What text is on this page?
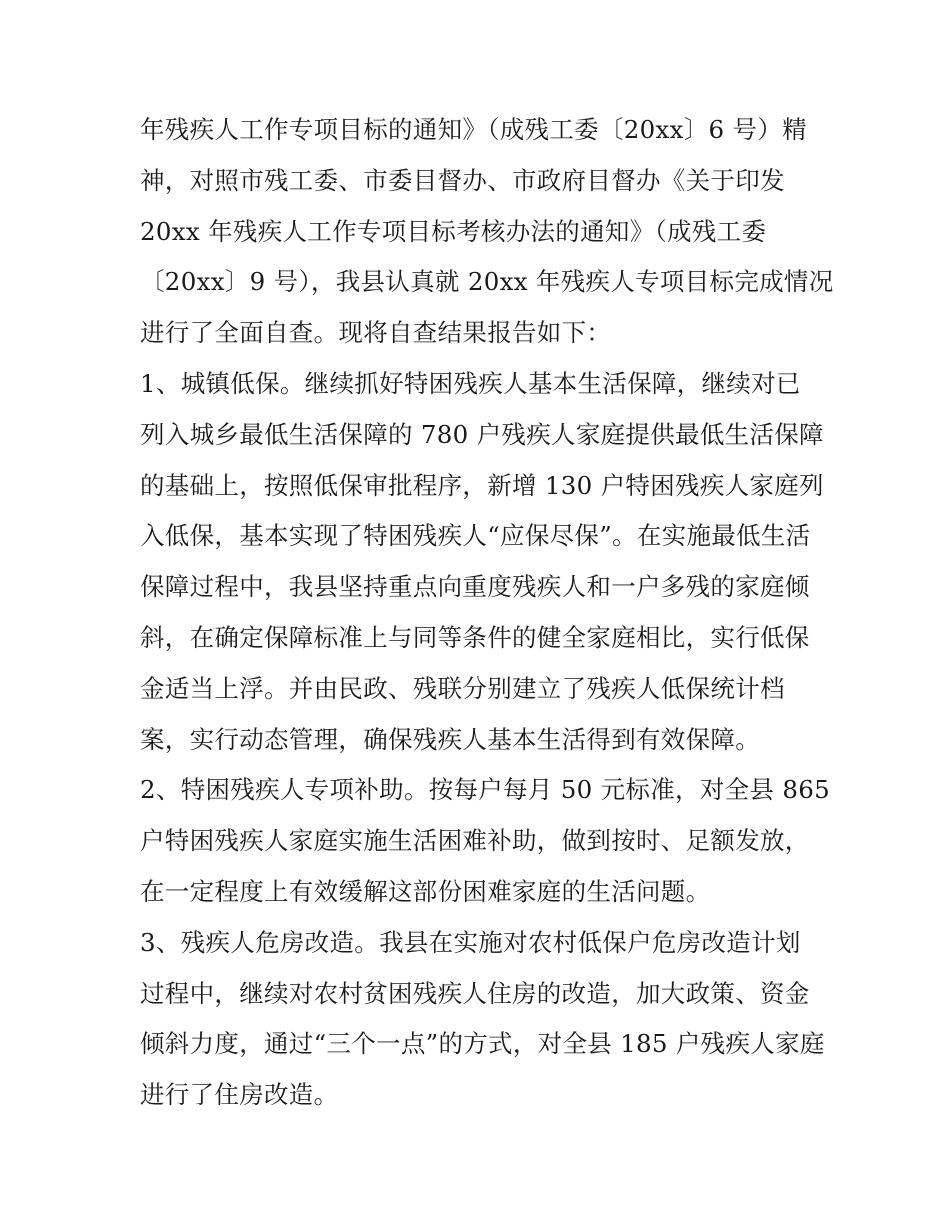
年残疾人工作专项目标的通知》（成残工委〔20xx〕6 号）精
神，对照市残工委、市委目督办、市政府目督办《关于印发
20xx 年残疾人工作专项目标考核办法的通知》（成残工委
〔20xx〕9 号），我县认真就 20xx 年残疾人专项目标完成情况
进行了全面自查。现将自查结果报告如下：
1、城镇低保。继续抓好特困残疾人基本生活保障，继续对已
列入城乡最低生活保障的 780 户残疾人家庭提供最低生活保障
的基础上，按照低保审批程序，新增 130 户特困残疾人家庭列
入低保，基本实现了特困残疾人“应保尽保”。在实施最低生活
保障过程中，我县坚持重点向重度残疾人和一户多残的家庭倾
斜，在确定保障标准上与同等条件的健全家庭相比，实行低保
金适当上浮。并由民政、残联分别建立了残疾人低保统计档
案，实行动态管理，确保残疾人基本生活得到有效保障。
2、特困残疾人专项补助。按每户每月 50 元标准，对全县 865
户特困残疾人家庭实施生活困难补助，做到按时、足额发放，
在一定程度上有效缓解这部份困难家庭的生活问题。
3、残疾人危房改造。我县在实施对农村低保户危房改造计划
过程中，继续对农村贫困残疾人住房的改造，加大政策、资金
倾斜力度，通过“三个一点”的方式，对全县 185 户残疾人家庭
进行了住房改造。
